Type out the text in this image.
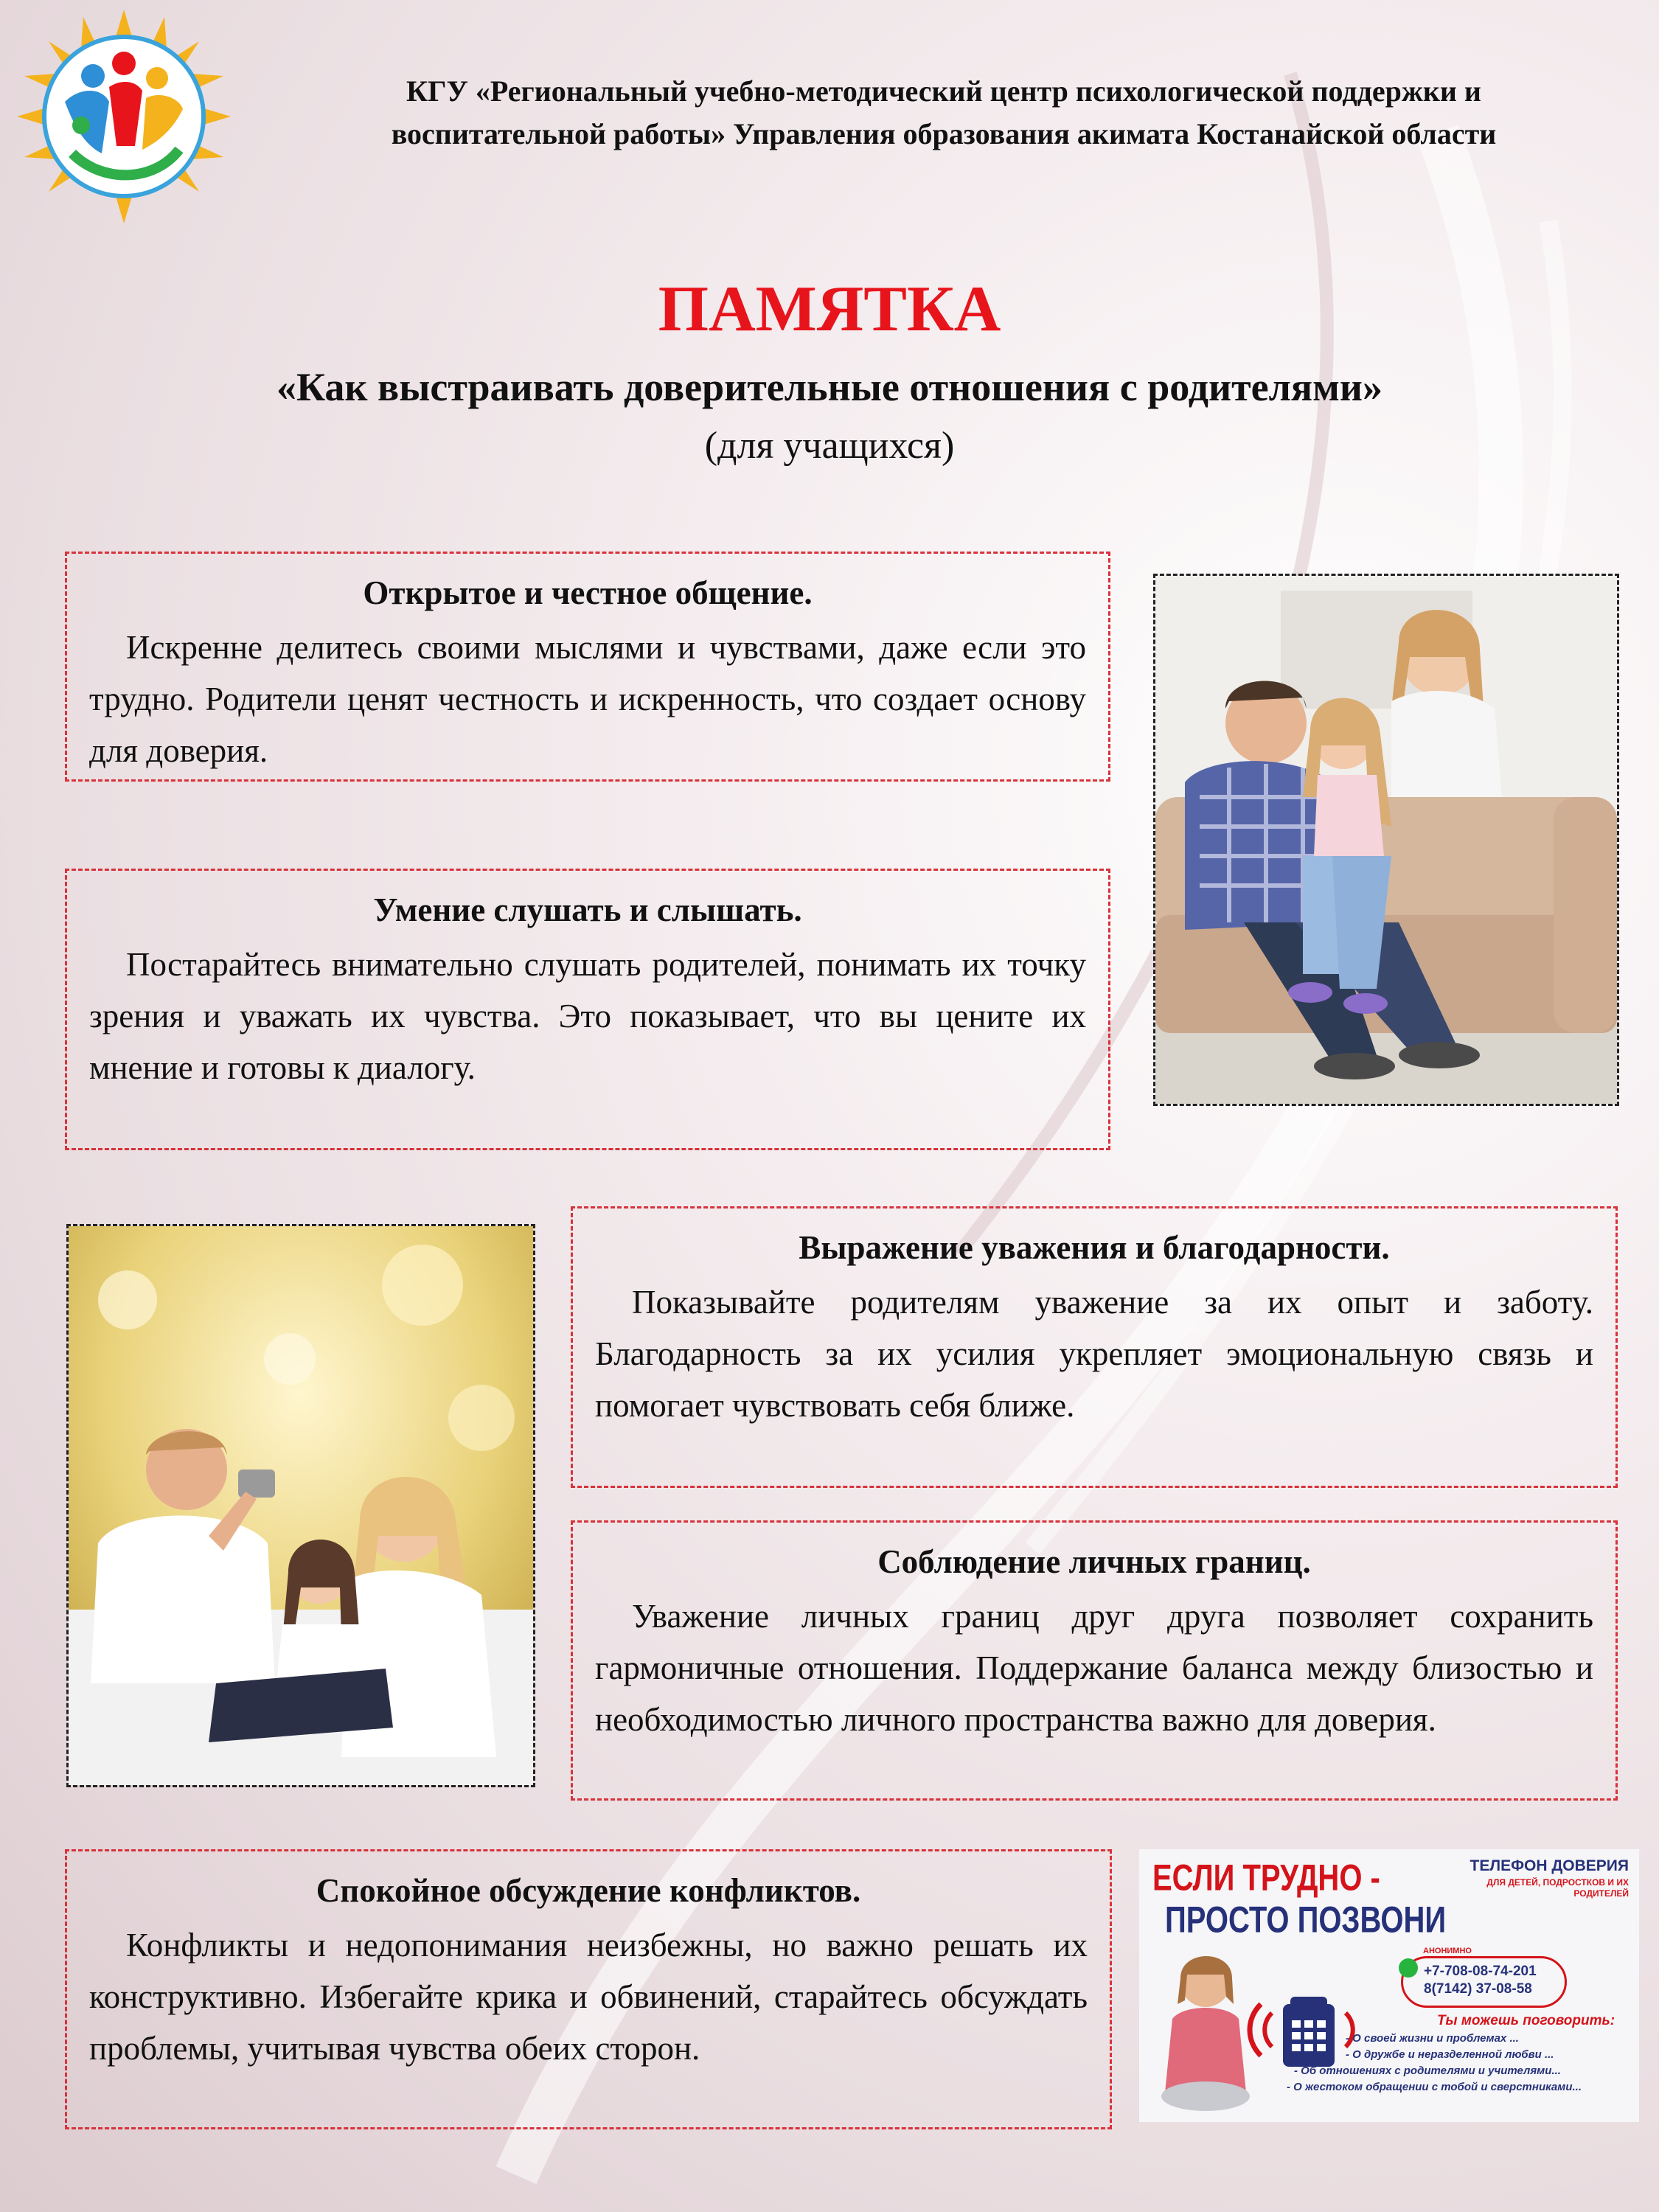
КГУ «Региональный учебно-методический центр психологической поддержки и
воспитательной работы» Управления образования акимата Костанайской области
ПАМЯТКА
«Как выстраивать доверительные отношения с родителями»
(для учащихся)
Открытое и честное общение.

Искренне делитесь своими мыслями и чувствами, даже если это трудно. Родители ценят честность и искренность, что создает основу для доверия.

Умение слушать и слышать.

Постарайтесь внимательно слушать родителей, понимать их точку зрения и уважать их чувства. Это показывает, что вы цените их мнение и готовы к диалогу.

Выражение уважения и благодарности.

Показывайте родителям уважение за их опыт и заботу. Благодарность за их усилия укрепляет эмоциональную связь и помогает чувствовать себя ближе.

Соблюдение личных границ.

Уважение личных границ друг друга позволяет сохранить гармоничные отношения. Поддержание баланса между близостью и необходимостью личного пространства важно для доверия.

Спокойное обсуждение конфликтов.

Конфликты и недопонимания неизбежны, но важно решать их конструктивно. Избегайте крика и обвинений, старайтесь обсуждать проблемы, учитывая чувства обеих сторон.

ЕСЛИ ТРУДНО -
ПРОСТО ПОЗВОНИ
ТЕЛЕФОН ДОВЕРИЯ
ДЛЯ ДЕТЕЙ, ПОДРОСТКОВ И ИХ РОДИТЕЛЕЙ
АНОНИМНО
+7-708-08-74-201
8(7142) 37-08-58
Ты можешь поговорить:
- О своей жизни и проблемах ...
- О дружбе и неразделенной любви ...
- Об отношениях с родителями и учителями...
- О жестоком обращении с тобой и сверстниками...
